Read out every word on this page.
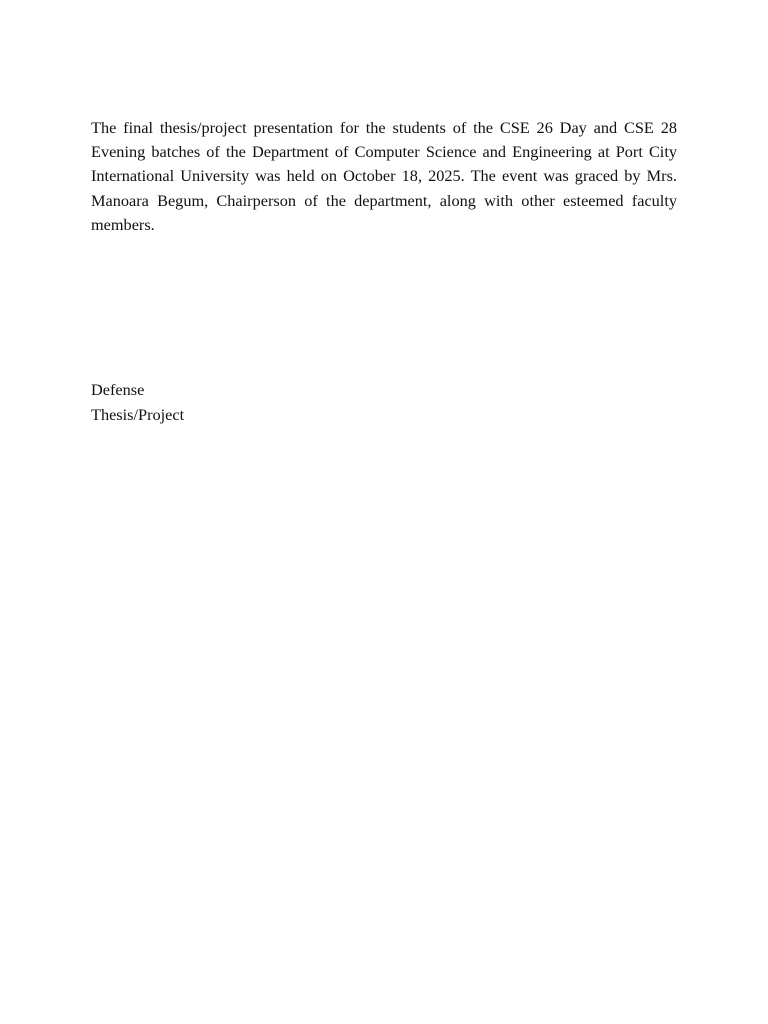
The final thesis/project presentation for the students of the CSE 26 Day and CSE 28 Evening batches of the Department of Computer Science and Engineering at Port City International University was held on October 18, 2025. The event was graced by Mrs. Manoara Begum, Chairperson of the department, along with other esteemed faculty members.

Defense
Thesis/Project
